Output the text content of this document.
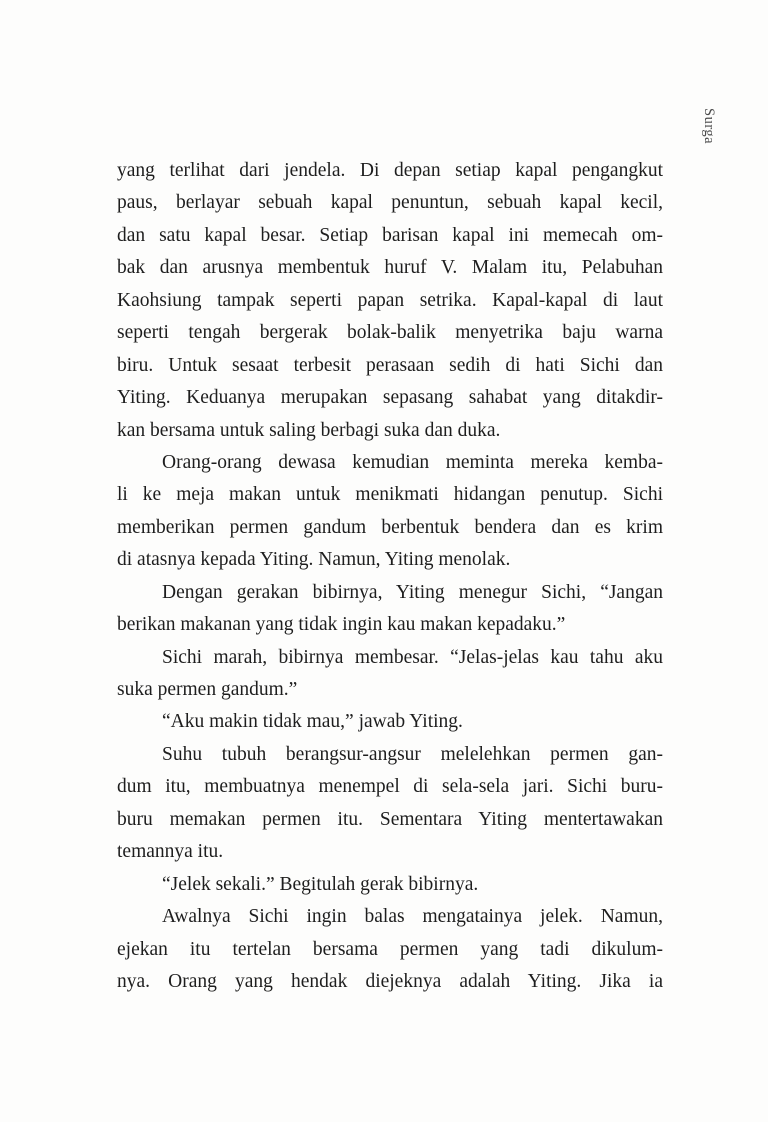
Surga
yang terlihat dari jendela. Di depan setiap kapal pengangkut
paus, berlayar sebuah kapal penuntun, sebuah kapal kecil,
dan satu kapal besar. Setiap barisan kapal ini memecah om-
bak dan arusnya membentuk huruf V. Malam itu, Pelabuhan
Kaohsiung tampak seperti papan setrika. Kapal-kapal di laut
seperti tengah bergerak bolak-balik menyetrika baju warna
biru. Untuk sesaat terbesit perasaan sedih di hati Sichi dan
Yiting. Keduanya merupakan sepasang sahabat yang ditakdir-
kan bersama untuk saling berbagi suka dan duka.
Orang-orang dewasa kemudian meminta mereka kemba-
li ke meja makan untuk menikmati hidangan penutup. Sichi
memberikan permen gandum berbentuk bendera dan es krim
di atasnya kepada Yiting. Namun, Yiting menolak.
Dengan gerakan bibirnya, Yiting menegur Sichi, “Jangan
berikan makanan yang tidak ingin kau makan kepadaku.”
Sichi marah, bibirnya membesar. “Jelas-jelas kau tahu aku
suka permen gandum.”
“Aku makin tidak mau,” jawab Yiting.
Suhu tubuh berangsur-angsur melelehkan permen gan-
dum itu, membuatnya menempel di sela-sela jari. Sichi buru-
buru memakan permen itu. Sementara Yiting mentertawakan
temannya itu.
“Jelek sekali.” Begitulah gerak bibirnya.
Awalnya Sichi ingin balas mengatainya jelek. Namun,
ejekan itu tertelan bersama permen yang tadi dikulum-
nya. Orang yang hendak diejeknya adalah Yiting. Jika ia
